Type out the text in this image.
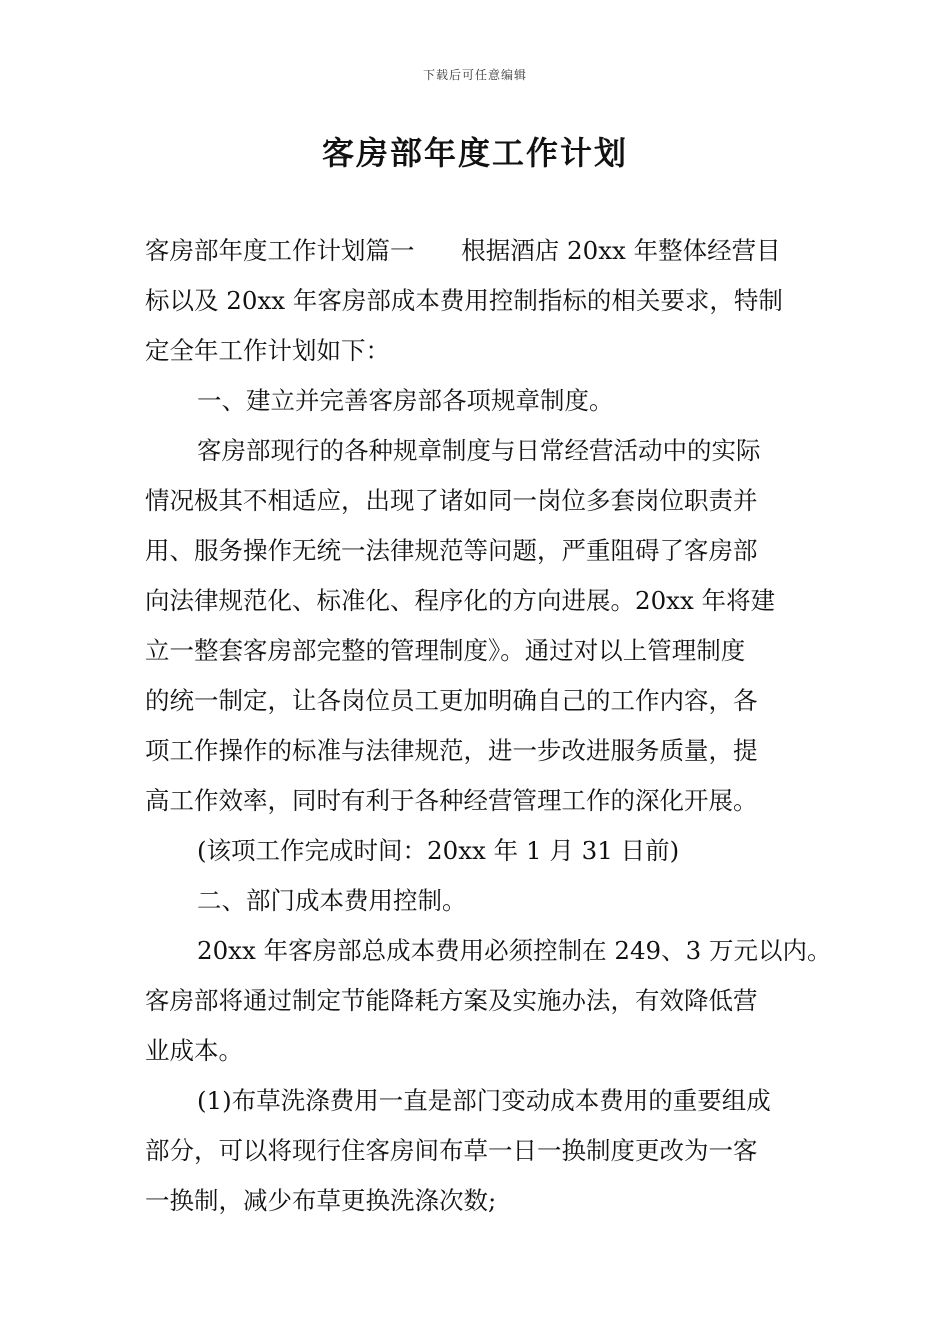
下载后可任意编辑
客房部年度工作计划
客房部年度工作计划篇一      根据酒店 20xx 年整体经营目
标以及 20xx 年客房部成本费用控制指标的相关要求，特制
定全年工作计划如下：
一、建立并完善客房部各项规章制度。
客房部现行的各种规章制度与日常经营活动中的实际
情况极其不相适应，出现了诸如同一岗位多套岗位职责并
用、服务操作无统一法律规范等问题，严重阻碍了客房部
向法律规范化、标准化、程序化的方向进展。20xx 年将建
立一整套客房部完整的管理制度》。通过对以上管理制度
的统一制定，让各岗位员工更加明确自己的工作内容，各
项工作操作的标准与法律规范，进一步改进服务质量，提
高工作效率，同时有利于各种经营管理工作的深化开展。
(该项工作完成时间：20xx 年 1 月 31 日前)
二、部门成本费用控制。
20xx 年客房部总成本费用必须控制在 249、3 万元以内。
客房部将通过制定节能降耗方案及实施办法，有效降低营
业成本。
(1)布草洗涤费用一直是部门变动成本费用的重要组成
部分，可以将现行住客房间布草一日一换制度更改为一客
一换制，减少布草更换洗涤次数;
